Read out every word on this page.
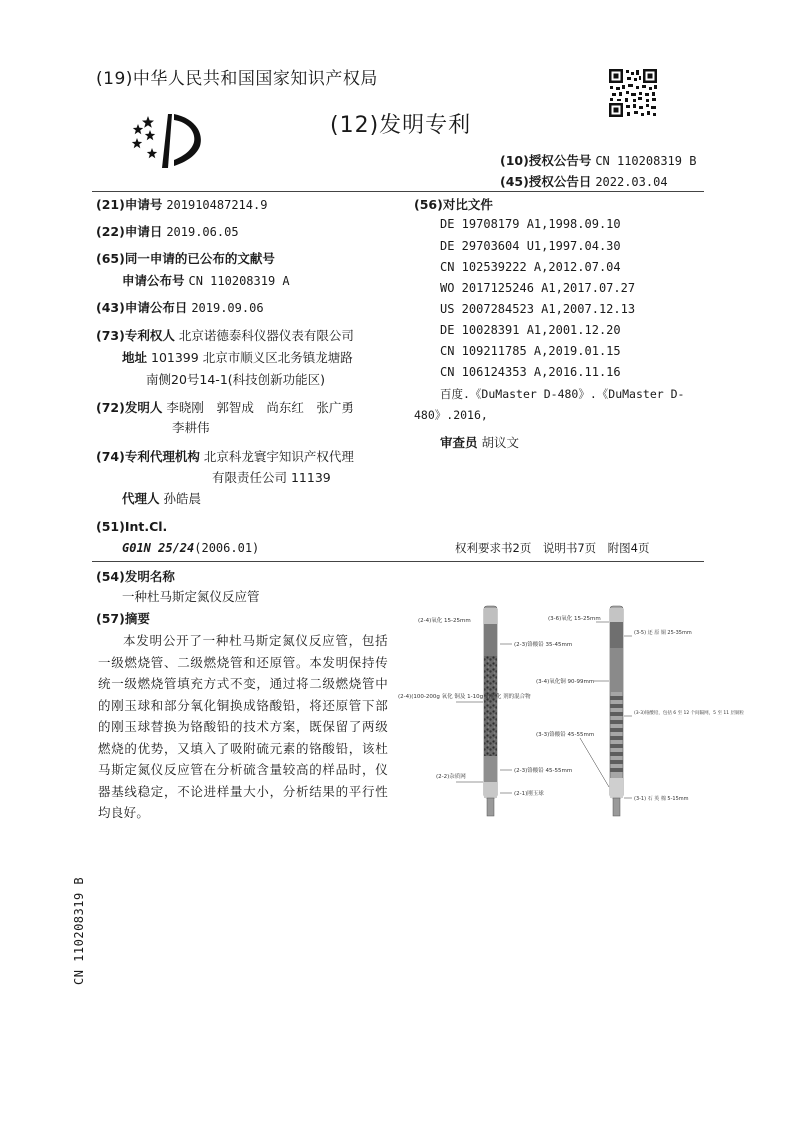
(19)中华人民共和国国家知识产权局
(12)发明专利
(10)授权公告号 CN 110208319 B
(45)授权公告日 2022.03.04
(21)申请号 201910487214.9
(22)申请日 2019.06.05
(65)同一申请的已公布的文献号
申请公布号 CN 110208319 A
(43)申请公布日 2019.09.06
(73)专利权人 北京诺德泰科仪器仪表有限公司
地址 101399 北京市顺义区北务镇龙塘路
南侧20号14-1(科技创新功能区)
(72)发明人 李晓刚　郭智成　尚东红　张广勇
李耕伟
(74)专利代理机构 北京科龙寰宇知识产权代理
有限责任公司 11139
代理人 孙皓晨
(51)Int.Cl.
G01N 25/24(2006.01)
(56)对比文件
DE 19708179 A1,1998.09.10
DE 29703604 U1,1997.04.30
CN 102539222 A,2012.07.04
WO 2017125246 A1,2017.07.27
US 2007284523 A1,2007.12.13
DE 10028391 A1,2001.12.20
CN 109211785 A,2019.01.15
CN 106124353 A,2016.11.16
百度.《DuMaster D-480》.《DuMaster D-
480》.2016,
审查员 胡议文
权利要求书2页　说明书7页　附图4页
(54)发明名称
一种杜马斯定氮仪反应管
(57)摘要
本发明公开了一种杜马斯定氮仪反应管，包括一级燃烧管、二级燃烧管和还原管。本发明保持传统一级燃烧管填充方式不变，通过将二级燃烧管中的刚玉球和部分氧化铜换成铬酸铅，将还原管下部的刚玉球替换为铬酸铅的技术方案，既保留了两级燃烧的优势，又填入了吸附硫元素的铬酸铅，该杜马斯定氮仪反应管在分析硫含量较高的样品时，仪器基线稳定，不论进样量大小，分析结果的平行性均良好。
(2-4)氧化 15-25mm
(2-3)铬酸铅 35-45mm
(2-4)(100-200g 氧化 铜及 1-10g 铂催化 剂的混合物
(2-3)铬酸铅 45-55mm
(2-2)杂质网
(2-1)刚玉球
(3-6)氧化 15-25mm
(3-5) 还 原 铜 25-35mm
(3-4)氧化铜 90-99mm
(3-3)铬酸铅 45-55mm
(3-3)铬酸铅，包括 6 至 12 个间隔网，5 至 11 层铜粒
(3-1) 石 英 棉 5-15mm
CN 110208319 B
